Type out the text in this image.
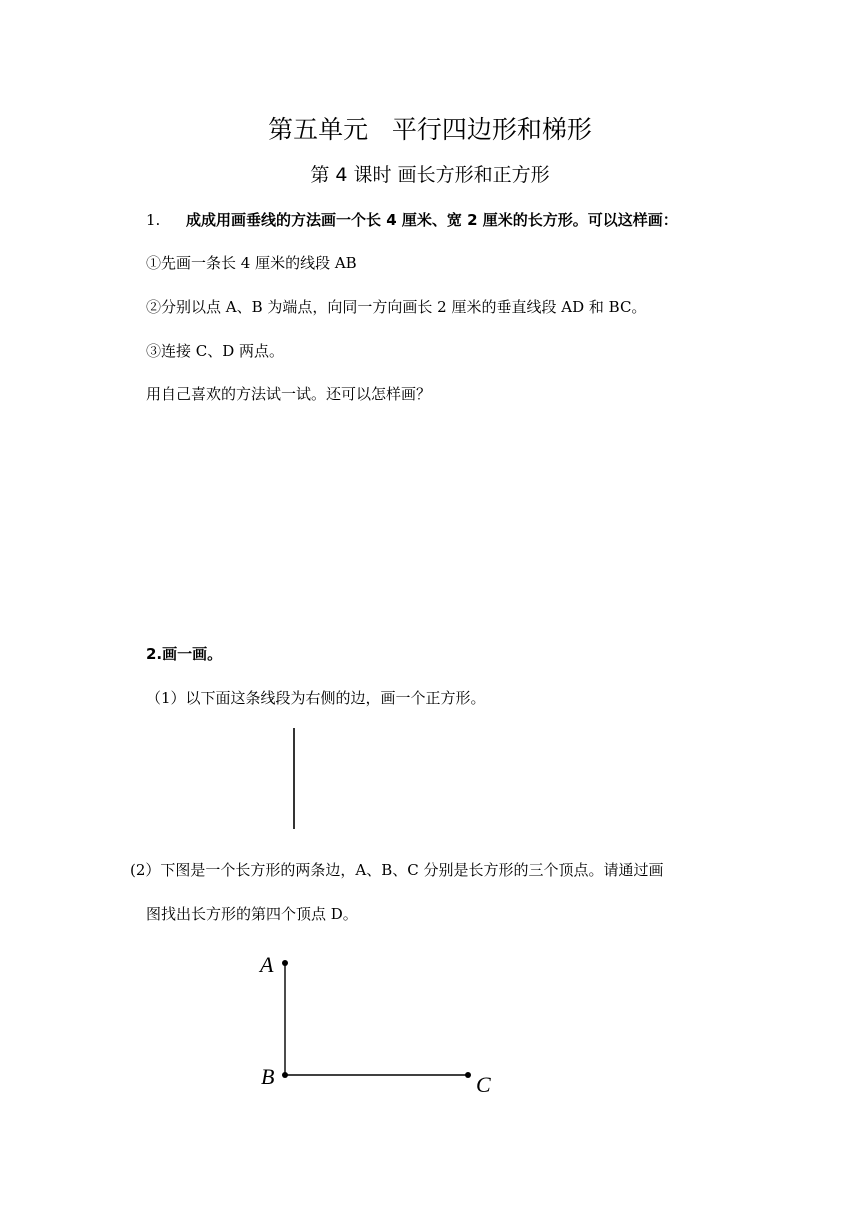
第五单元   平行四边形和梯形
第 4 课时 画长方形和正方形
1. 成成用画垂线的方法画一个长 4 厘米、宽 2 厘米的长方形。可以这样画：
①先画一条长 4 厘米的线段 AB
②分别以点 A、B 为端点，向同一方向画长 2 厘米的垂直线段 AD 和 BC。
③连接 C、D 两点。
用自己喜欢的方法试一试。还可以怎样画？
2.画一画。
（1）以下面这条线段为右侧的边，画一个正方形。
(2）下图是一个长方形的两条边，A、B、C 分别是长方形的三个顶点。请通过画
图找出长方形的第四个顶点 D。
A
B	C
